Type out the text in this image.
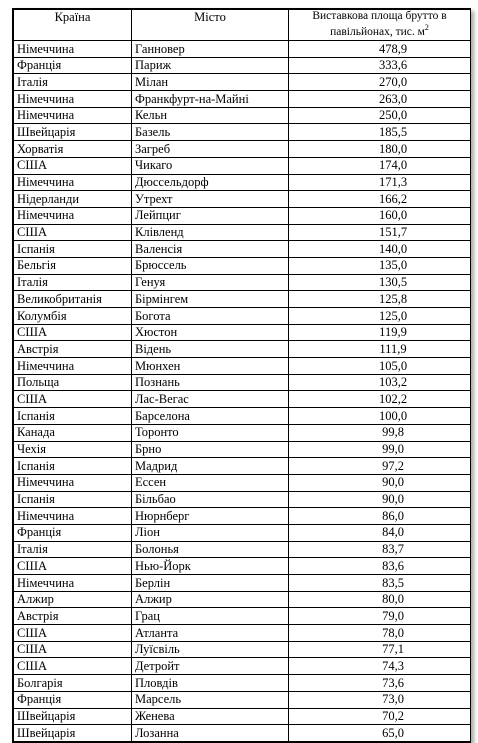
Країна	Місто	Виставкова площа брутто в павільйонах, тис. $м^2$
Німеччина	Ганновер	478,9
Франція	Париж	333,6
Італія	Мілан	270,0
Німеччина	Франкфурт-на-Майні	263,0
Німеччина	Кельн	250,0
Швейцарія	Базель	185,5
Хорватія	Загреб	180,0
США	Чикаго	174,0
Німеччина	Дюссельдорф	171,3
Нідерланди	Утрехт	166,2
Німеччина	Лейпциг	160,0
США	Клівленд	151,7
Іспанія	Валенсія	140,0
Бельгія	Брюссель	135,0
Італія	Генуя	130,5
Великобританія	Бірмінгем	125,8
Колумбія	Богота	125,0
США	Хюстон	119,9
Австрія	Відень	111,9
Німеччина	Мюнхен	105,0
Польща	Познань	103,2
США	Лас-Вегас	102,2
Іспанія	Барселона	100,0
Канада	Торонто	99,8
Чехія	Брно	99,0
Іспанія	Мадрид	97,2
Німеччина	Ессен	90,0
Іспанія	Більбао	90,0
Німеччина	Нюрнберг	86,0
Франція	Ліон	84,0
Італія	Болонья	83,7
США	Нью-Йорк	83,6
Німеччина	Берлін	83,5
Алжир	Алжир	80,0
Австрія	Грац	79,0
США	Атланта	78,0
США	Луїсвіль	77,1
США	Детройт	74,3
Болгарія	Пловдів	73,6
Франція	Марсель	73,0
Швейцарія	Женева	70,2
Швейцарія	Лозанна	65,0
